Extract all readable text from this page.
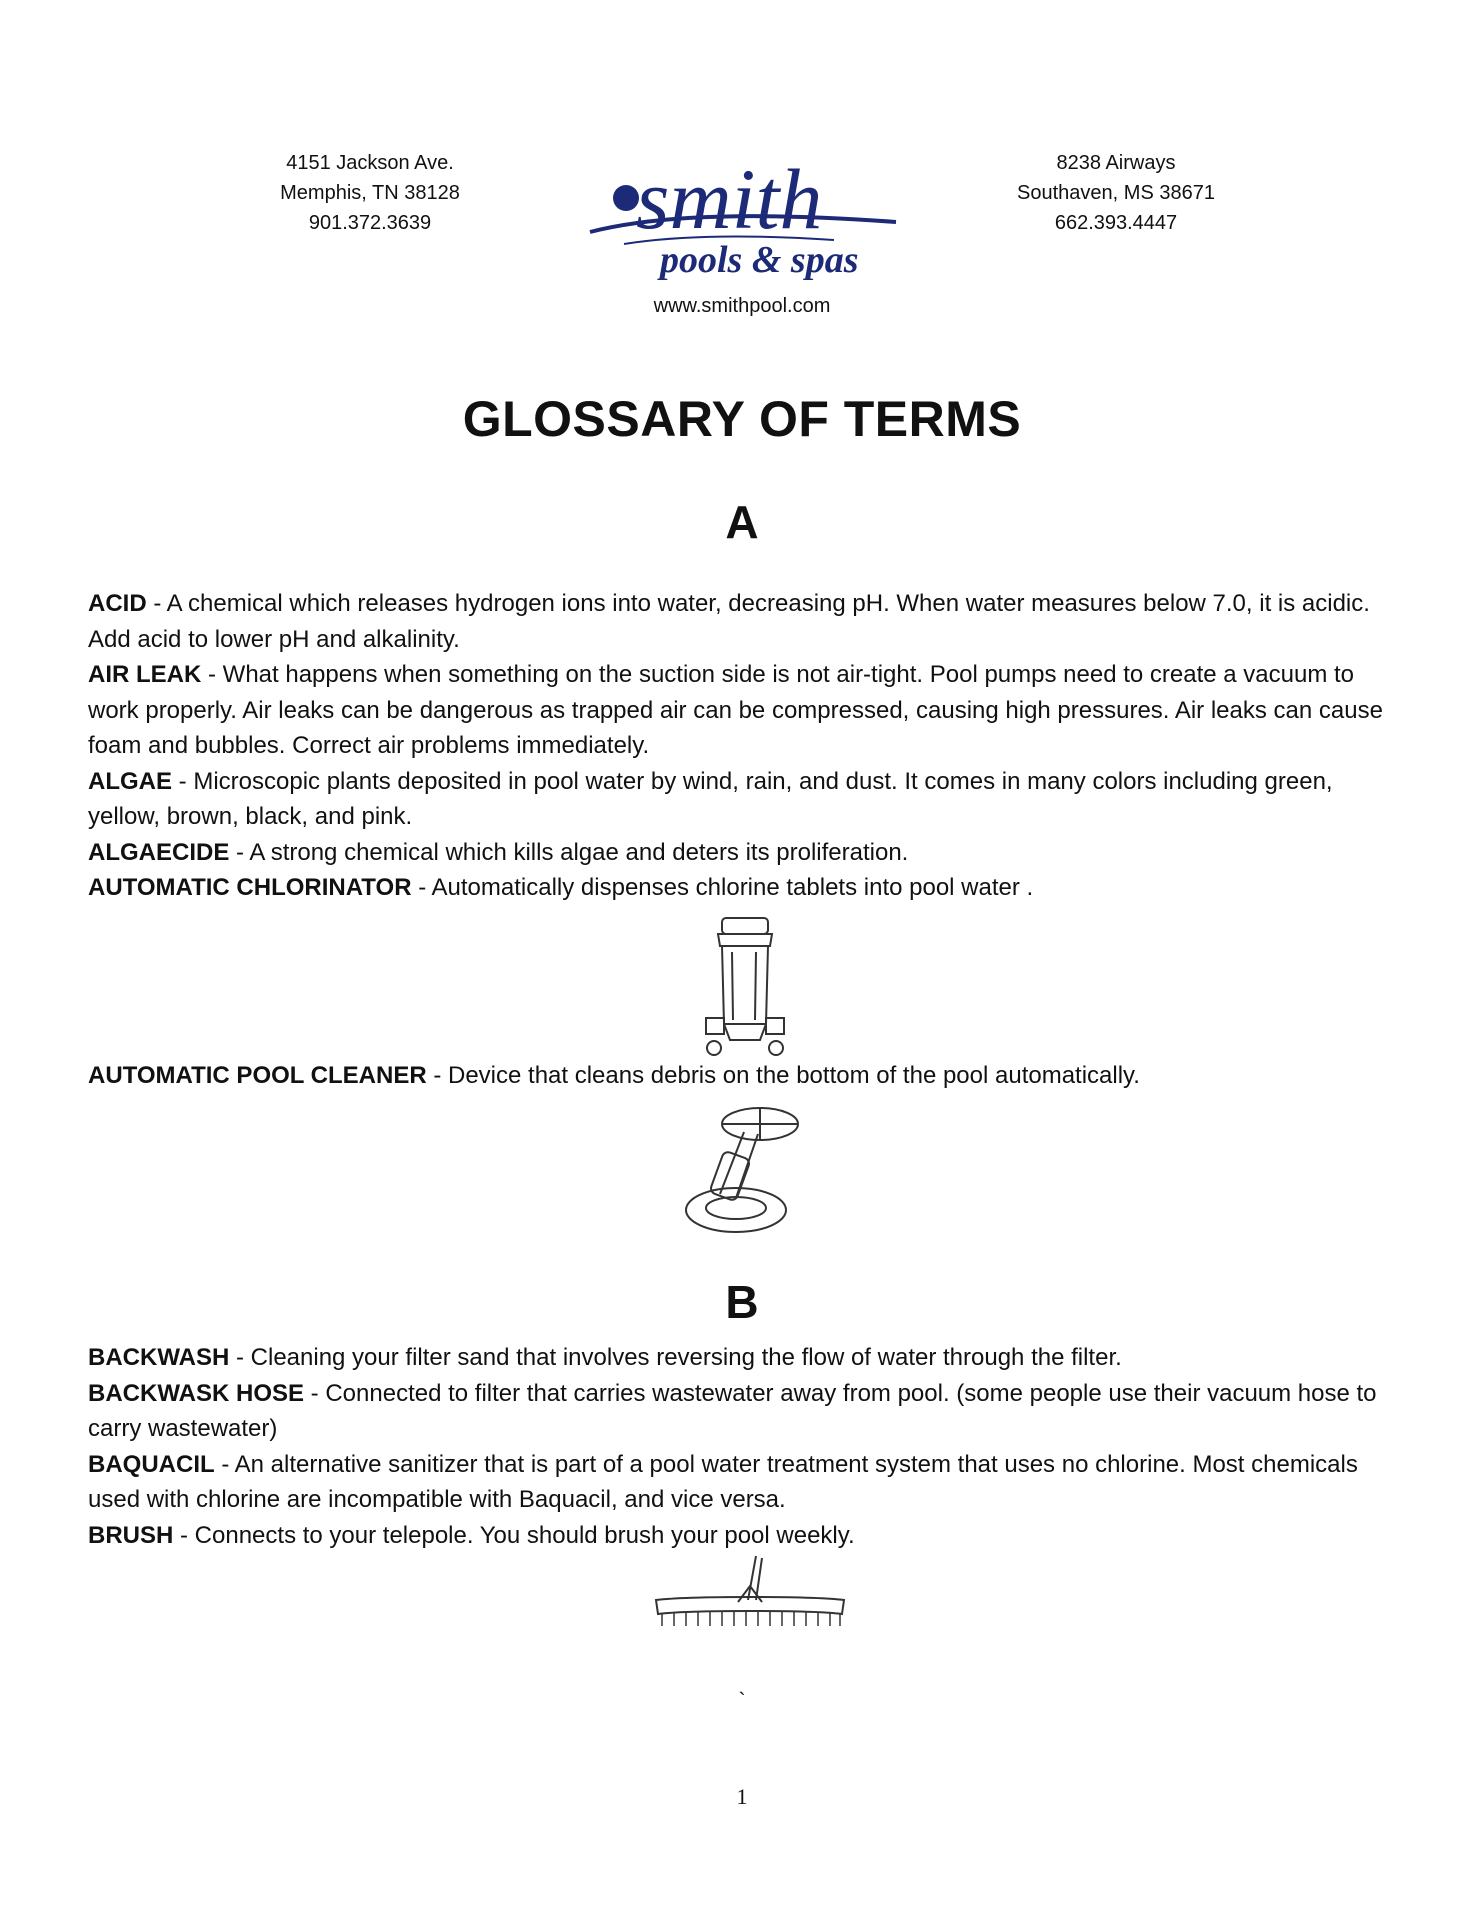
4151 Jackson Ave.
Memphis, TN 38128
901.372.3639	smith
pools & spas
8238 Airways
Southaven, MS 38671
662.393.4447
www.smithpool.com
GLOSSARY OF TERMS
A

ACID - A chemical which releases hydrogen ions into water, decreasing pH. When water measures below 7.0, it is acidic. Add acid to lower pH and alkalinity.

AIR LEAK - What happens when something on the suction side is not air-tight. Pool pumps need to create a vacuum to work properly. Air leaks can be dangerous as trapped air can be compressed, causing high pressures. Air leaks can cause foam and bubbles. Correct air problems immediately.

ALGAE - Microscopic plants deposited in pool water by wind, rain, and dust. It comes in many colors including green, yellow, brown, black, and pink.

ALGAECIDE - A strong chemical which kills algae and deters its proliferation.

AUTOMATIC CHLORINATOR - Automatically dispenses chlorine tablets into pool water .

AUTOMATIC POOL CLEANER - Device that cleans debris on the bottom of the pool automatically.

B

BACKWASH - Cleaning your filter sand that involves reversing the flow of water through the filter.

BACKWASK HOSE - Connected to filter that carries wastewater away from pool. (some people use their vacuum hose to carry wastewater)

BAQUACIL - An alternative sanitizer that is part of a pool water treatment system that uses no chlorine. Most chemicals used with chlorine are incompatible with Baquacil, and vice versa.

BRUSH - Connects to your telepole. You should brush your pool weekly.

`
1
